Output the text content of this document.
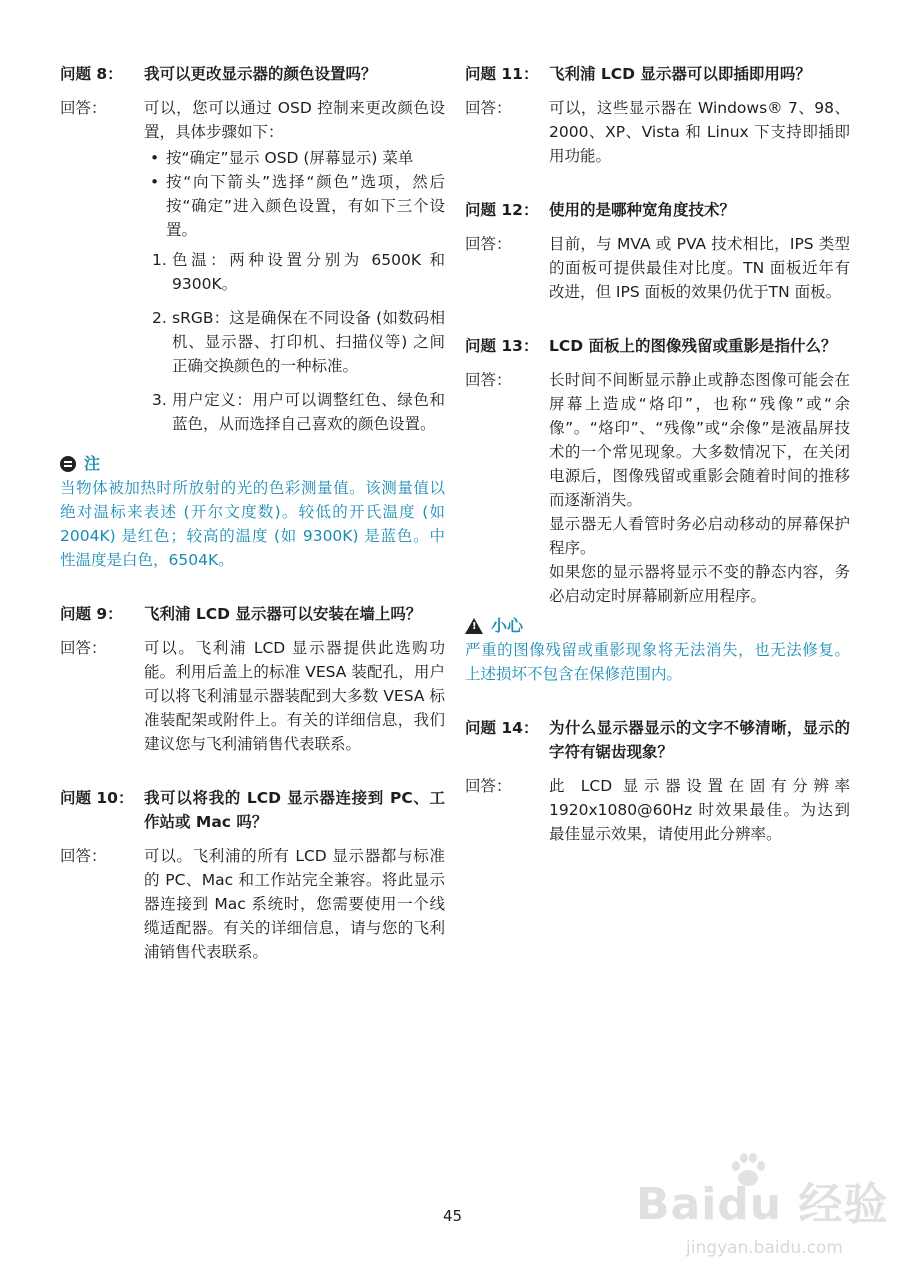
问题 8：	我可以更改显示器的颜色设置吗？
回答：	可以，您可以通过 OSD 控制来更改颜色设置，具体步骤如下：
• 按“确定”显示 OSD (屏幕显示) 菜单
• 按“向下箭头”选择“颜色”选项，然后按“确定”进入颜色设置，有如下三个设置。
1. 色温：两种设置分别为 6500K 和 9300K。
2. sRGB：这是确保在不同设备 (如数码相机、显示器、打印机、扫描仪等) 之间正确交换颜色的一种标准。
3. 用户定义：用户可以调整红色、绿色和蓝色，从而选择自己喜欢的颜色设置。
注
当物体被加热时所放射的光的色彩测量值。该测量值以绝对温标来表述 (开尔文度数)。较低的开氏温度 (如 2004K) 是红色；较高的温度 (如 9300K) 是蓝色。中性温度是白色，6504K。
问题 9：	飞利浦 LCD 显示器可以安装在墙上吗？
回答：	可以。飞利浦 LCD 显示器提供此选购功能。利用后盖上的标准 VESA 装配孔，用户可以将飞利浦显示器装配到大多数 VESA 标准装配架或附件上。有关的详细信息，我们建议您与飞利浦销售代表联系。
问题 10： 我可以将我的 LCD 显示器连接到 PC、工作站或 Mac 吗？
回答：	可以。飞利浦的所有 LCD 显示器都与标准的 PC、Mac 和工作站完全兼容。将此显示器连接到 Mac 系统时，您需要使用一个线缆适配器。有关的详细信息，请与您的飞利浦销售代表联系。
问题 11： 飞利浦 LCD 显示器可以即插即用吗？
回答：	可以，这些显示器在 Windows® 7、98、2000、XP、Vista 和 Linux 下支持即插即用功能。
问题 12： 使用的是哪种宽角度技术？
回答：	目前，与 MVA 或 PVA 技术相比，IPS 类型的面板可提供最佳对比度。TN 面板近年有改进，但 IPS 面板的效果仍优于TN 面板。
问题 13： LCD 面板上的图像残留或重影是指什么？
回答：	长时间不间断显示静止或静态图像可能会在屏幕上造成“烙印”，也称“残像”或“余像”。“烙印”、“残像”或“余像”是液晶屏技术的一个常见现象。大多数情况下，在关闭电源后，图像残留或重影会随着时间的推移而逐渐消失。
显示器无人看管时务必启动移动的屏幕保护程序。
如果您的显示器将显示不变的静态内容，务必启动定时屏幕刷新应用程序。
! 小心
严重的图像残留或重影现象将无法消失，也无法修复。上述损坏不包含在保修范围内。
问题 14： 为什么显示器显示的文字不够清晰，显示的字符有锯齿现象？
回答：	此 LCD 显示器设置在固有分辨率 1920x1080@60Hz 时效果最佳。为达到最佳显示效果，请使用此分辨率。
45	Baidu 经验
jingyan.baidu.com
